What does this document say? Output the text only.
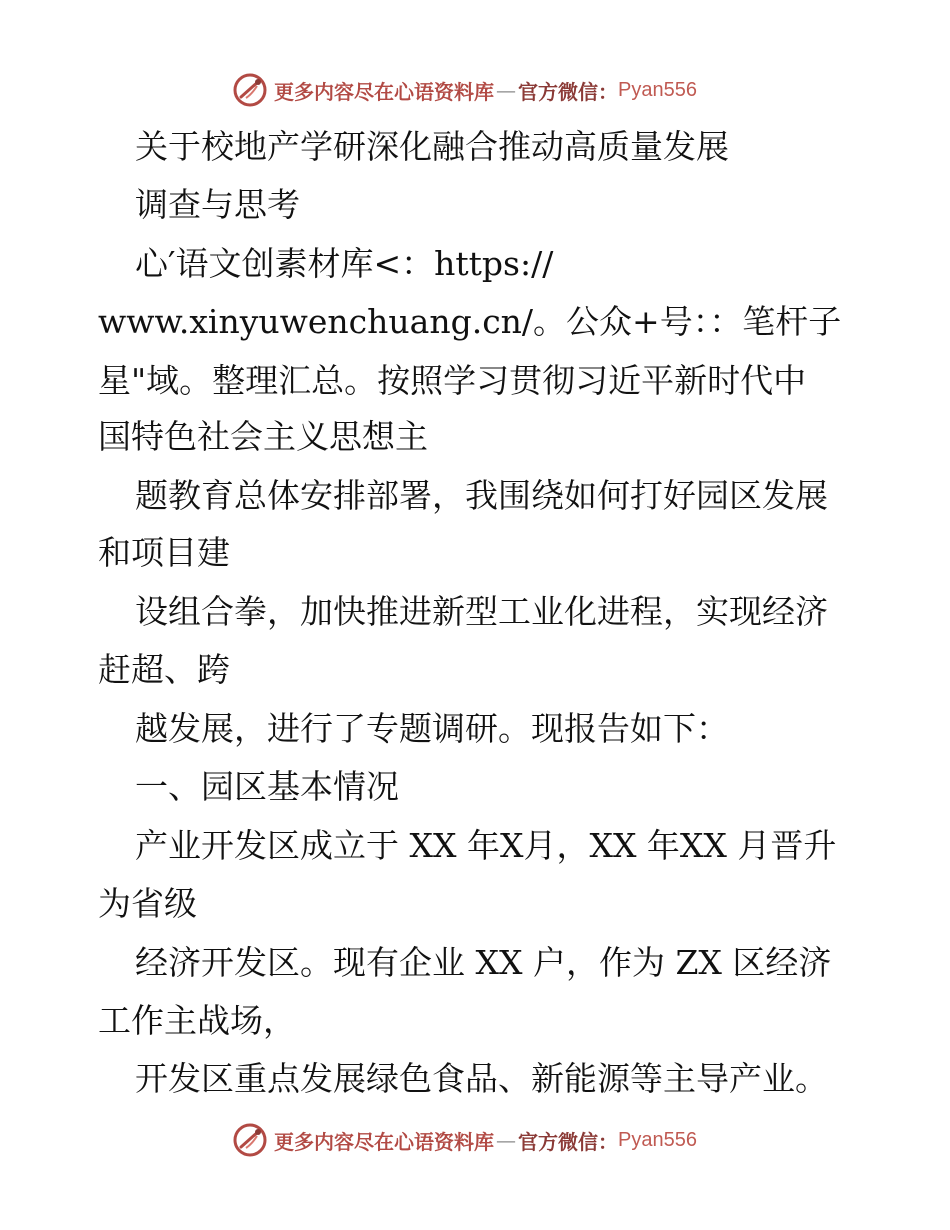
更多内容尽在心语资料库 — 官方微信： Pyan556
关于校地产学研深化融合推动高质量发展
调查与思考
心′语文创素材库<：https://
www.xinyuwenchuang.cn/。公众+号：：笔杆子
星"域。整理汇总。按照学习贯彻习近平新时代中
国特色社会主义思想主
题教育总体安排部署，我围绕如何打好园区发展
和项目建
设组合拳，加快推进新型工业化进程，实现经济
赶超、跨
越发展，进行了专题调研。现报告如下：
一、园区基本情况
产业开发区成立于 XX 年X月，XX 年XX 月晋升
为省级
经济开发区。现有企业 XX 户，作为 ZX 区经济
工作主战场，
开发区重点发展绿色食品、新能源等主导产业。
更多内容尽在心语资料库 — 官方微信： Pyan556
